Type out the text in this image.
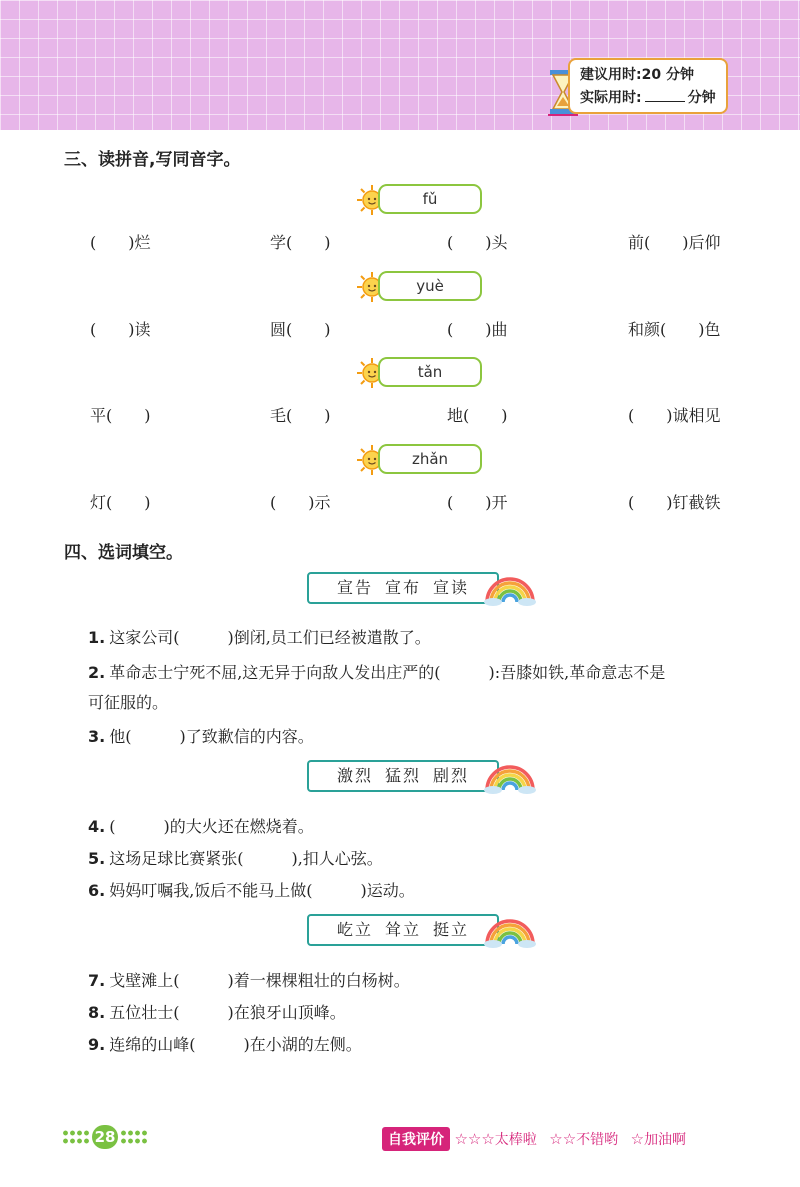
建议用时:20 分钟
实际用时:	分钟
三、读拼音,写同音字。
fǔ
(　　)烂	学(　　)	(　　)头	前(　　)后仰
yuè
(　　)读	圆(　　)	(　　)曲	和颜(　　)色
tǎn
平(　　)	毛(　　)	地(　　)	(　　)诚相见
zhǎn
灯(　　)	(　　)示	(　　)开	(　　)钉截铁
四、选词填空。
宣告 宣布 宣读
1. 这家公司(　　　)倒闭,员工们已经被遣散了。
2. 革命志士宁死不屈,这无异于向敌人发出庄严的(　　　):吾膝如铁,革命意志不是
可征服的。
3. 他(　　　)了致歉信的内容。
激烈 猛烈 剧烈
4. (　　　)的大火还在燃烧着。
5. 这场足球比赛紧张(　　　),扣人心弦。
6. 妈妈叮嘱我,饭后不能马上做(　　　)运动。
屹立 耸立 挺立
7. 戈壁滩上(　　　)着一棵棵粗壮的白杨树。
8. 五位壮士(　　　)在狼牙山顶峰。
9. 连绵的山峰(　　　)在小湖的左侧。
28	自我评价 ☆☆☆太棒啦 ☆☆不错哟 ☆加油啊
